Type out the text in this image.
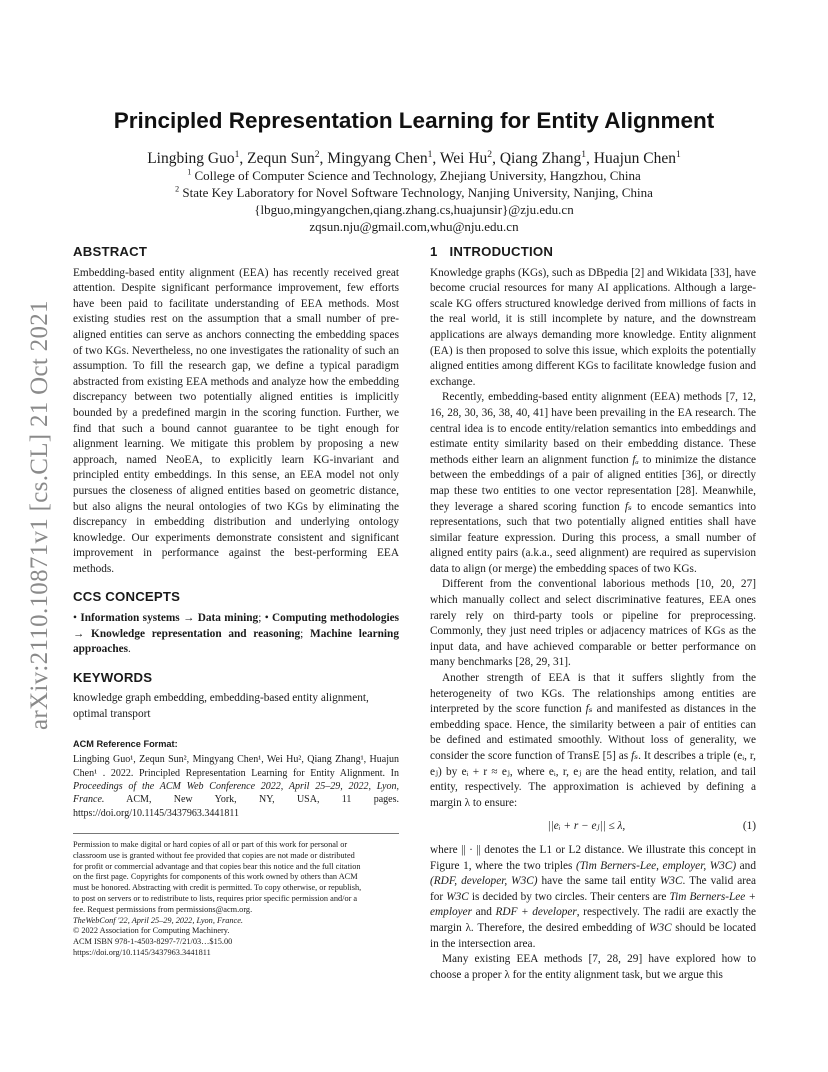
arXiv:2110.10871v1 [cs.CL] 21 Oct 2021
Principled Representation Learning for Entity Alignment
Lingbing Guo$^1$, Zequn Sun$^2$, Mingyang Chen$^1$, Wei Hu$^2$, Qiang Zhang$^1$, Huajun Chen$^1$
$^1$ College of Computer Science and Technology, Zhejiang University, Hangzhou, China
$^2$ State Key Laboratory for Novel Software Technology, Nanjing University, Nanjing, China
{lbguo,mingyangchen,qiang.zhang.cs,huajunsir}@zju.edu.cn
zqsun.nju@gmail.com,whu@nju.edu.cn
ABSTRACT

Embedding-based entity alignment (EEA) has recently received great attention. Despite significant performance improvement, few efforts have been paid to facilitate understanding of EEA methods. Most existing studies rest on the assumption that a small number of pre-aligned entities can serve as anchors connecting the embedding spaces of two KGs. Nevertheless, no one investigates the rationality of such an assumption. To fill the research gap, we define a typical paradigm abstracted from existing EEA methods and analyze how the embedding discrepancy between two potentially aligned entities is implicitly bounded by a predefined margin in the scoring function. Further, we find that such a bound cannot guarantee to be tight enough for alignment learning. We mitigate this problem by proposing a new approach, named NeoEA, to explicitly learn KG-invariant and principled entity embeddings. In this sense, an EEA model not only pursues the closeness of aligned entities based on geometric distance, but also aligns the neural ontologies of two KGs by eliminating the discrepancy in embedding distribution and underlying ontology knowledge. Our experiments demonstrate consistent and significant improvement in performance against the best-performing EEA methods.

CCS CONCEPTS

• Information systems → Data mining; • Computing methodologies → Knowledge representation and reasoning; Machine learning approaches.

KEYWORDS

knowledge graph embedding, embedding-based entity alignment, optimal transport

ACM Reference Format:

Lingbing Guo¹, Zequn Sun², Mingyang Chen¹, Wei Hu², Qiang Zhang¹, Huajun Chen¹ . 2022. Principled Representation Learning for Entity Alignment. In Proceedings of the ACM Web Conference 2022, April 25–29, 2022, Lyon, France. ACM, New York, NY, USA, 11 pages. https://doi.org/10.1145/3437963.3441811

Permission to make digital or hard copies of all or part of this work for personal or
classroom use is granted without fee provided that copies are not made or distributed
for profit or commercial advantage and that copies bear this notice and the full citation
on the first page. Copyrights for components of this work owned by others than ACM
must be honored. Abstracting with credit is permitted. To copy otherwise, or republish,
to post on servers or to redistribute to lists, requires prior specific permission and/or a
fee. Request permissions from permissions@acm.org.
TheWebConf '22, April 25–29, 2022, Lyon, France.
© 2022 Association for Computing Machinery.
ACM ISBN 978-1-4503-8297-7/21/03…$15.00
https://doi.org/10.1145/3437963.3441811
1 INTRODUCTION

Knowledge graphs (KGs), such as DBpedia [2] and Wikidata [33], have become crucial resources for many AI applications. Although a large-scale KG offers structured knowledge derived from millions of facts in the real world, it is still incomplete by nature, and the downstream applications are always demanding more knowledge. Entity alignment (EA) is then proposed to solve this issue, which exploits the potentially aligned entities among different KGs to facilitate knowledge fusion and exchange.

Recently, embedding-based entity alignment (EEA) methods [7, 12, 16, 28, 30, 36, 38, 40, 41] have been prevailing in the EA research. The central idea is to encode entity/relation semantics into embeddings and estimate entity similarity based on their embedding distance. These methods either learn an alignment function fₐ to minimize the distance between the embeddings of a pair of aligned entities [36], or directly map these two entities to one vector representation [28]. Meanwhile, they leverage a shared scoring function fₛ to encode semantics into representations, such that two potentially aligned entities shall have similar feature expression. During this process, a small number of aligned entity pairs (a.k.a., seed alignment) are required as supervision data to align (or merge) the embedding spaces of two KGs.

Different from the conventional laborious methods [10, 20, 27] which manually collect and select discriminative features, EEA ones rarely rely on third-party tools or pipeline for preprocessing. Commonly, they just need triples or adjacency matrices of KGs as the input data, and have achieved comparable or better performance on many benchmarks [28, 29, 31].

Another strength of EEA is that it suffers slightly from the heterogeneity of two KGs. The relationships among entities are interpreted by the score function fₛ and manifested as distances in the embedding space. Hence, the similarity between a pair of entities can be defined and estimated smoothly. Without loss of generality, we consider the score function of TransE [5] as fₛ. It describes a triple (eᵢ, r, eⱼ) by eᵢ + r ≈ eⱼ, where eᵢ, r, eⱼ are the head entity, relation, and tail entity, respectively. The approximation is achieved by defining a margin λ to ensure:

||eᵢ + r − eⱼ|| ≤ λ,	(1)

where || · || denotes the L1 or L2 distance. We illustrate this concept in Figure 1, where the two triples (Tim Berners-Lee, employer, W3C) and (RDF, developer, W3C) have the same tail entity W3C. The valid area for W3C is decided by two circles. Their centers are Tim Berners-Lee + employer and RDF + developer, respectively. The radii are exactly the margin λ. Therefore, the desired embedding of W3C should be located in the intersection area.

Many existing EEA methods [7, 28, 29] have explored how to choose a proper λ for the entity alignment task, but we argue this
